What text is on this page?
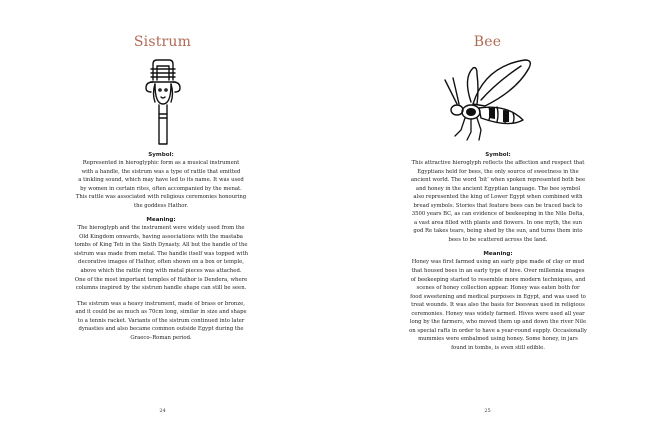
Sistrum

Symbol:

Represented in hieroglyphic form as a musical instrument
with a handle, the sistrum was a type of rattle that emitted
a tinkling sound, which may have led to its name. It was used
by women in certain rites, often accompanied by the menat.
This rattle was associated with religious ceremonies honouring
the goddess Hathor.

Meaning:

The hieroglyph and the instrument were widely used from the
Old Kingdom onwards, having associations with the mastaba
tombs of King Teti in the Sixth Dynasty. All but the handle of the
sistrum was made from metal. The handle itself was topped with
decorative images of Hathor, often shown on a box or temple,
above which the rattle ring with metal pieces was attached.
One of the most important temples of Hathor is Dendera, where
columns inspired by the sistrum handle shape can still be seen.

The sistrum was a heavy instrument, made of brass or bronze,
and it could be as much as 70cm long, similar in size and shape
to a tennis racket. Variants of the sistrum continued into later
dynasties and also became common outside Egypt during the
Graeco–Roman period.

24
Bee

Symbol:

This attractive hieroglyph reflects the affection and respect that
Egyptians held for bees, the only source of sweetness in the
ancient world. The word ‘bit’ when spoken represented both bee
and honey in the ancient Egyptian language. The bee symbol
also represented the king of Lower Egypt when combined with
bread symbols. Stories that feature bees can be traced back to
3500 years BC, as can evidence of beekeeping in the Nile Delta,
a vast area filled with plants and flowers. In one myth, the sun
god Re takes tears, being shed by the sun, and turns them into
bees to be scattered across the land.

Meaning:

Honey was first farmed using an early pipe made of clay or mud
that housed bees in an early type of hive. Over millennia images
of beekeeping started to resemble more modern techniques, and
scenes of honey collection appear. Honey was eaten both for
food sweetening and medical purposes in Egypt, and was used to
treat wounds. It was also the basis for beeswax used in religious
ceremonies. Honey was widely farmed. Hives were used all year
long by the farmers, who moved them up and down the river Nile
on special rafts in order to have a year-round supply. Occasionally
mummies were embalmed using honey. Some honey, in jars
found in tombs, is even still edible.

25
